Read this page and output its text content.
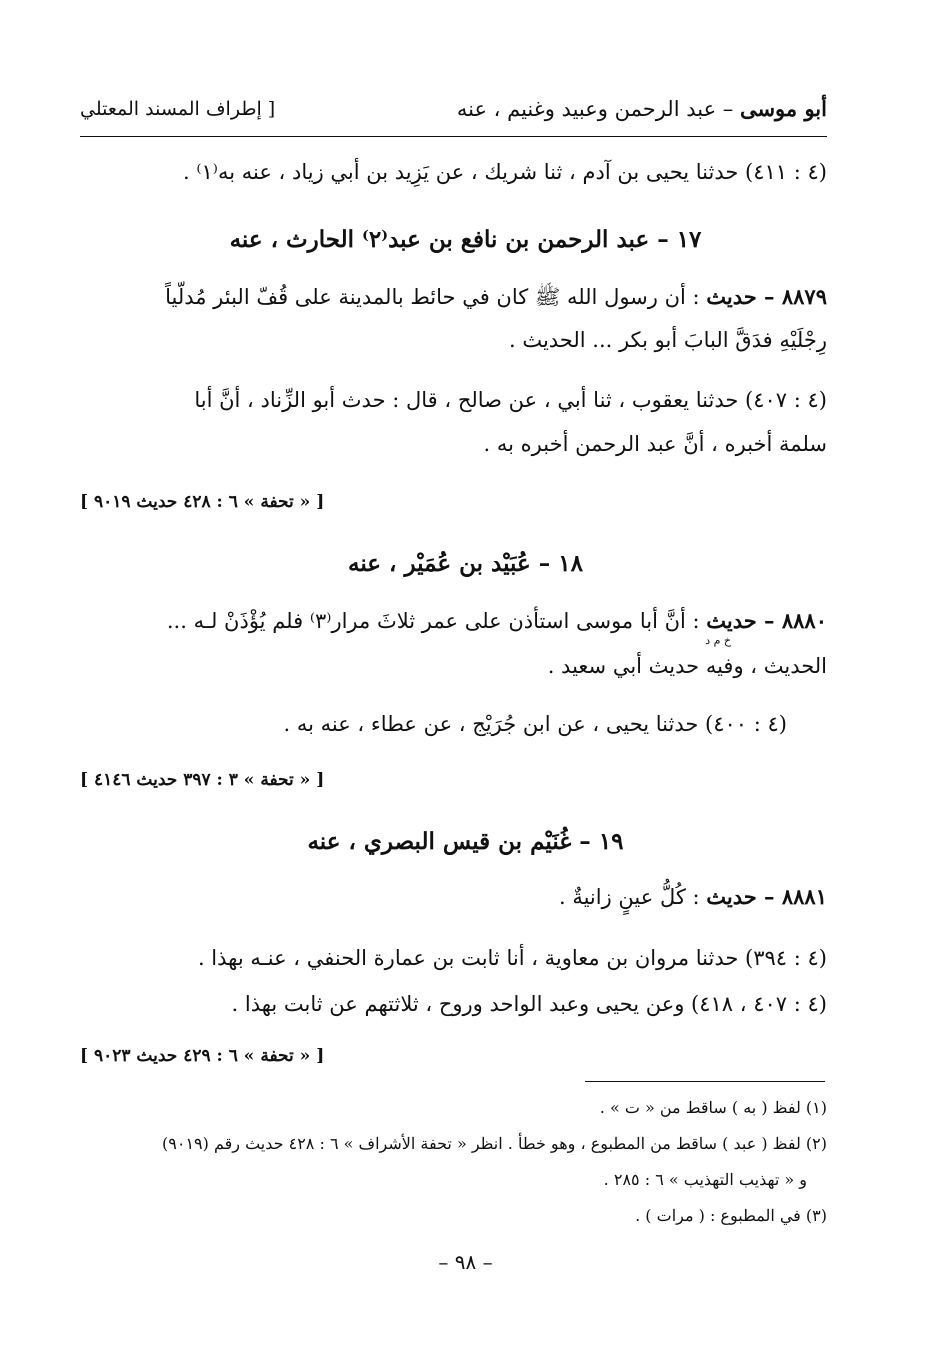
أبو موسى – عبد الرحمن وعبيد وغنيم ، عنه
[ إطراف المسند المعتلي
(٤ : ٤١١) حدثنا يحيى بن آدم ، ثنا شريك ، عن يَزِيد بن أبي زياد ، عنه به⁽١⁾ .
١٧ – عبد الرحمن بن نافع بن عبد⁽٢⁾ الحارث ، عنه
٨٨٧٩ – حديث : أن رسول الله ﷺ كان في حائط بالمدينة على قُفّ البئر مُدلّياً
رِجْلَيْهِ فدَقَّ البابَ أبو بكر ... الحديث .
(٤ : ٤٠٧) حدثنا يعقوب ، ثنا أبي ، عن صالح ، قال : حدث أبو الزِّناد ، أنَّ أبا
سلمة أخبره ، أنَّ عبد الرحمن أخبره به .
[ « تحفة » ٦ : ٤٢٨ حديث ٩٠١٩ ]
١٨ – عُبَيْد بن عُمَيْر ، عنه
٨٨٨٠ – حديث : أنَّ أبا موسى استأذن على عمر ثلاثَ مرار⁽٣⁾ فلم يُؤْذَنْ لـه ...
خ م د
الحديث ، وفيه حديث أبي سعيد .
(٤ : ٤٠٠) حدثنا يحيى ، عن ابن جُرَيْج ، عن عطاء ، عنه به .
[ « تحفة » ٣ : ٣٩٧ حديث ٤١٤٦ ]
١٩ – غُنَيْم بن قيس البصري ، عنه
٨٨٨١ – حديث : كُلُّ عينٍ زانيةٌ .
(٤ : ٣٩٤) حدثنا مروان بن معاوية ، أنا ثابت بن عمارة الحنفي ، عنـه بهذا .
(٤ : ٤٠٧ ، ٤١٨) وعن يحيى وعبد الواحد وروح ، ثلاثتهم عن ثابت بهذا .
[ « تحفة » ٦ : ٤٢٩ حديث ٩٠٢٣ ]
(١) لفظ ( به ) ساقط من « ت » .
(٢) لفظ ( عبد ) ساقط من المطبوع ، وهو خطأ . انظر « تحفة الأشراف » ٦ : ٤٢٨ حديث رقم (٩٠١٩)
و « تهذيب التهذيب » ٦ : ٢٨٥ .
(٣) في المطبوع : ( مرات ) .
– ٩٨ –
